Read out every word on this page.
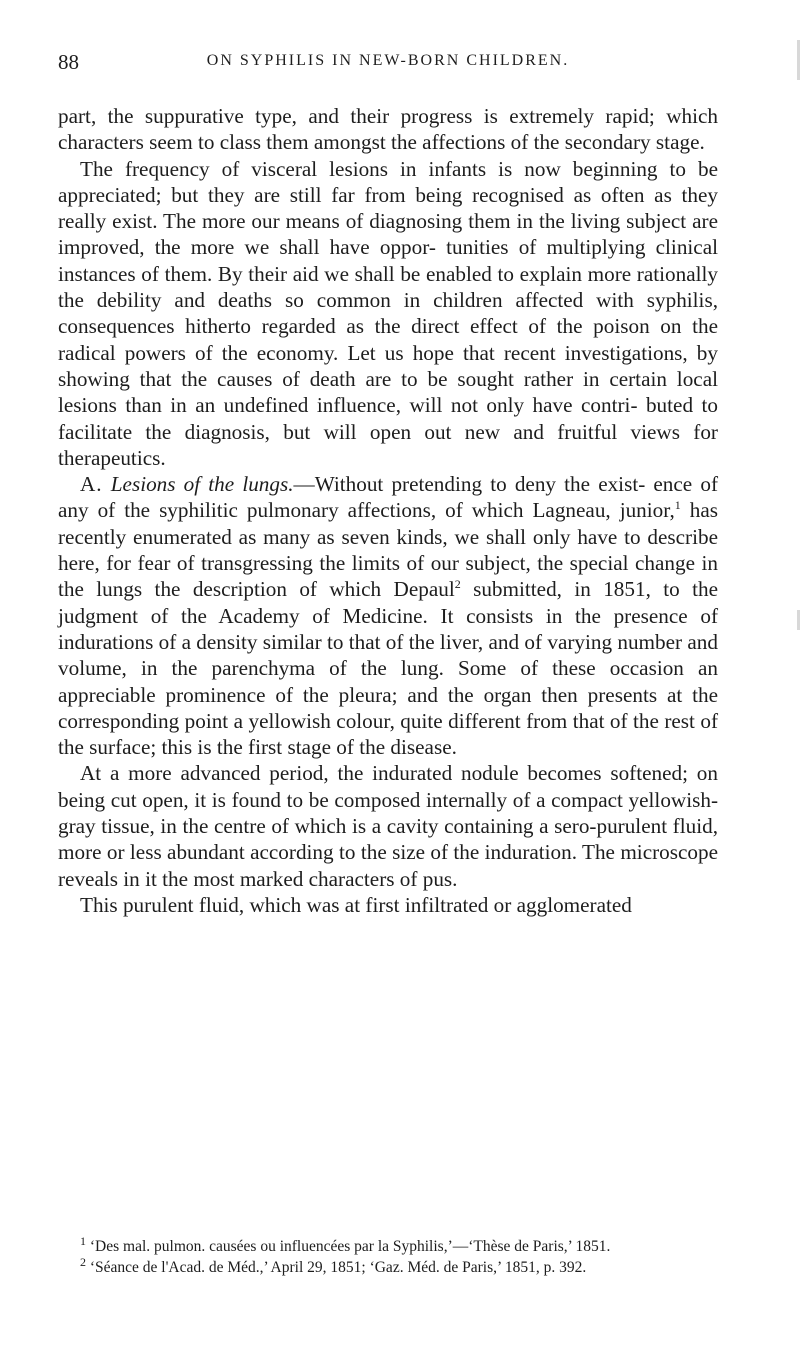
88	ON SYPHILIS IN NEW-BORN CHILDREN.

part, the suppurative type, and their progress is extremely rapid; which characters seem to class them amongst the affections of the secondary stage.

The frequency of visceral lesions in infants is now beginning to be appreciated; but they are still far from being recognised as often as they really exist. The more our means of diagnosing them in the living subject are improved, the more we shall have oppor- tunities of multiplying clinical instances of them. By their aid we shall be enabled to explain more rationally the debility and deaths so common in children affected with syphilis, consequences hitherto regarded as the direct effect of the poison on the radical powers of the economy. Let us hope that recent investigations, by showing that the causes of death are to be sought rather in certain local lesions than in an undefined influence, will not only have contri- buted to facilitate the diagnosis, but will open out new and fruitful views for therapeutics.

A. Lesions of the lungs.—Without pretending to deny the exist- ence of any of the syphilitic pulmonary affections, of which Lagneau, junior,$^1$ has recently enumerated as many as seven kinds, we shall only have to describe here, for fear of transgressing the limits of our subject, the special change in the lungs the description of which Depaul$^2$ submitted, in 1851, to the judgment of the Academy of Medicine. It consists in the presence of indurations of a density similar to that of the liver, and of varying number and volume, in the parenchyma of the lung. Some of these occasion an appreciable prominence of the pleura; and the organ then presents at the corresponding point a yellowish colour, quite different from that of the rest of the surface; this is the first stage of the disease.

At a more advanced period, the indurated nodule becomes softened; on being cut open, it is found to be composed internally of a compact yellowish-gray tissue, in the centre of which is a cavity containing a sero-purulent fluid, more or less abundant according to the size of the induration. The microscope reveals in it the most marked characters of pus.

This purulent fluid, which was at first infiltrated or agglomerated

$^1$ ‘Des mal. pulmon. causées ou influencées par la Syphilis,’—‘Thèse de Paris,’ 1851.

$^2$ ‘Séance de l'Acad. de Méd.,’ April 29, 1851; ‘Gaz. Méd. de Paris,’ 1851, p. 392.
